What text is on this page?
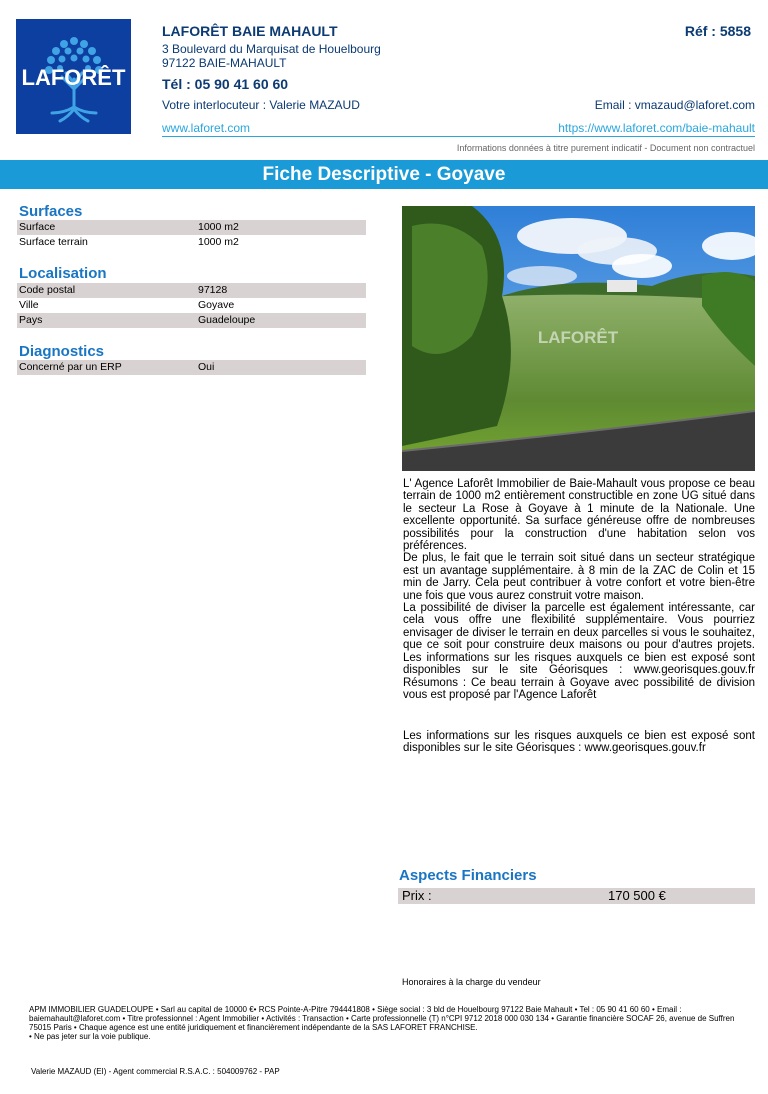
LAFORÊT
LAFORÊT BAIE MAHAULT
3 Boulevard du Marquisat de Houelbourg
97122 BAIE-MAHAULT
Tél : 05 90 41 60 60
Votre interlocuteur : Valerie MAZAUD
Réf : 5858
Email : vmazaud@laforet.com
www.laforet.com	https://www.laforet.com/baie-mahault
Informations données à titre purement indicatif - Document non contractuel
Fiche Descriptive - Goyave
Surfaces
Surface	1000 m2
Surface terrain	1000 m2
Localisation
Code postal	97128
Ville	Goyave
Pays	Guadeloupe
Diagnostics
Concerné par un ERP	Oui
LAFORÊT

L' Agence Laforêt Immobilier de Baie-Mahault vous propose ce beau terrain de 1000 m2 entièrement constructible en zone UG situé dans le secteur La Rose à Goyave à 1 minute de la Nationale. Une excellente opportunité. Sa surface généreuse offre de nombreuses possibilités pour la construction d'une habitation selon vos préférences.

De plus, le fait que le terrain soit situé dans un secteur stratégique est un avantage supplémentaire. à 8 min de la ZAC de Colin et 15 min de Jarry. Cela peut contribuer à votre confort et votre bien-être une fois que vous aurez construit votre maison.

La possibilité de diviser la parcelle est également intéressante, car cela vous offre une flexibilité supplémentaire. Vous pourriez envisager de diviser le terrain en deux parcelles si vous le souhaitez, que ce soit pour construire deux maisons ou pour d'autres projets. Les informations sur les risques auxquels ce bien est exposé sont disponibles sur le site Géorisques : www.georisques.gouv.fr Résumons : Ce beau terrain à Goyave avec possibilité de division vous est proposé par l'Agence Laforêt

Les informations sur les risques auxquels ce bien est exposé sont disponibles sur le site Géorisques : www.georisques.gouv.fr
Aspects Financiers
Prix :	170 500 €
Honoraires à la charge du vendeur
APM IMMOBILIER GUADELOUPE • Sarl au capital de 10000 €• RCS Pointe-A-Pitre 794441808 • Siège social : 3 bld de Houelbourg 97122 Baie Mahault • Tel : 05 90 41 60 60 • Email : baiemahault@laforet.com • Titre professionnel : Agent Immobilier • Activités : Transaction • Carte professionnelle (T) n°CPI 9712 2018 000 030 134 • Garantie financière SOCAF 26, avenue de Suffren 75015 Paris • Chaque agence est une entité juridiquement et financièrement indépendante de la SAS LAFORET FRANCHISE.
• Ne pas jeter sur la voie publique.
Valerie MAZAUD (EI) - Agent commercial R.S.A.C. : 504009762 - PAP
